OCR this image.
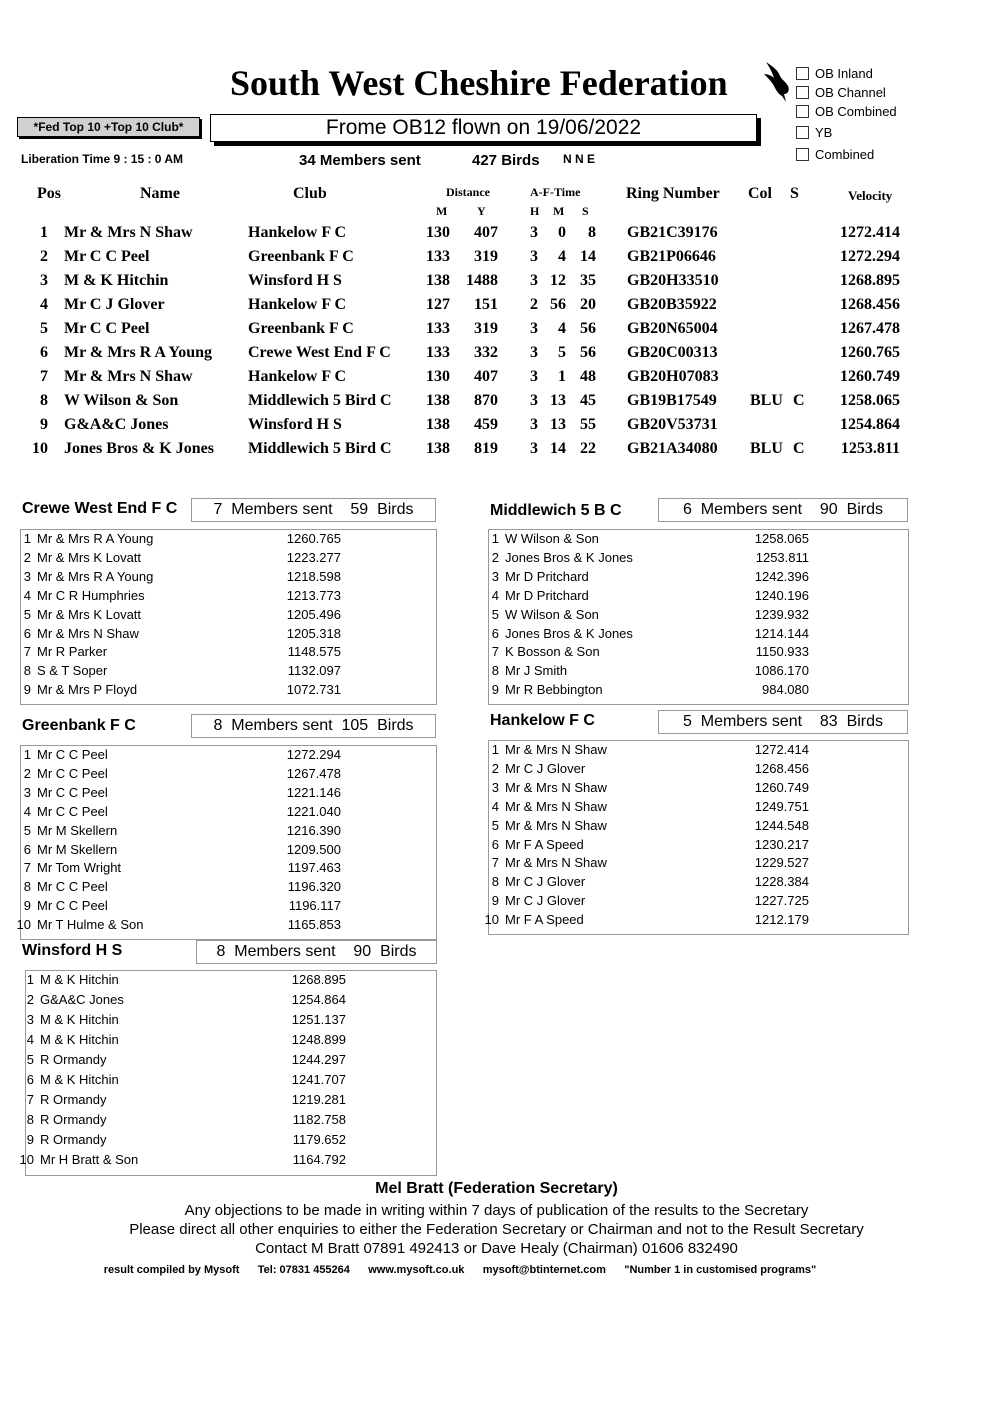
South West Cheshire Federation	OB Inland
OB Channel
OB Combined
YB
Combined
*Fed Top 10 +Top 10 Club*	Frome OB12 flown on 19/06/2022
Liberation Time 9 : 15 : 0 AM	34 Members sent	427 Birds N N E
Pos	Name	Club	Distance
M Y
A-F-Time
H M S
Ring Number Col S	Velocity
1 Mr & Mrs N Shaw	Hankelow F C	130	407	3	0	8 GB21C39176	1272.414
2 Mr C C Peel	Greenbank F C	133	319	3	4 14 GB21P06646	1272.294
3 M & K Hitchin	Winsford H S	138	1488	3 12 35 GB20H33510	1268.895
4 Mr C J Glover	Hankelow F C	127	151	2 56 20 GB20B35922	1268.456
5 Mr C C Peel	Greenbank F C	133	319	3	4 56 GB20N65004	1267.478
6 Mr & Mrs R A Young	Crewe West End F C	133	332	3	5 56 GB20C00313	1260.765
7 Mr & Mrs N Shaw	Hankelow F C	130	407	3	1 48 GB20H07083	1260.749
8 W Wilson & Son	Middlewich 5 Bird C	138	870	3 13 45 GB19B17549	BLU C	1258.065
9 G&A&C Jones	Winsford H S	138	459	3 13 55 GB20V53731	1254.864
10 Jones Bros & K Jones	Middlewich 5 Bird C	138	819	3 14 22 GB21A34080	BLU C	1253.811
Crewe West End F C	7  Members sent    59  Birds
1 Mr & Mrs R A Young	1260.765
2 Mr & Mrs K Lovatt	1223.277
3 Mr & Mrs R A Young	1218.598
4 Mr C R Humphries	1213.773
5 Mr & Mrs K Lovatt	1205.496
6 Mr & Mrs N Shaw	1205.318
7 Mr R Parker	1148.575
8 S & T Soper	1132.097
9 Mr & Mrs P Floyd	1072.731
Greenbank F C	8  Members sent  105  Birds
1 Mr C C Peel	1272.294
2 Mr C C Peel	1267.478
3 Mr C C Peel	1221.146
4 Mr C C Peel	1221.040
5 Mr M Skellern	1216.390
6 Mr M Skellern	1209.500
7 Mr Tom Wright	1197.463
8 Mr C C Peel	1196.320
9 Mr C C Peel	1196.117
10 Mr T Hulme & Son	1165.853
Winsford H S	8  Members sent    90  Birds
1 M & K Hitchin	1268.895
2 G&A&C Jones	1254.864
3 M & K Hitchin	1251.137
4 M & K Hitchin	1248.899
5 R Ormandy	1244.297
6 M & K Hitchin	1241.707
7 R Ormandy	1219.281
8 R Ormandy	1182.758
9 R Ormandy	1179.652
10 Mr H Bratt & Son	1164.792
Middlewich 5 B C	6  Members sent    90  Birds
1 W Wilson & Son	1258.065
2 Jones Bros & K Jones	1253.811
3 Mr D Pritchard	1242.396
4 Mr D Pritchard	1240.196
5 W Wilson & Son	1239.932
6 Jones Bros & K Jones	1214.144
7 K Bosson & Son	1150.933
8 Mr J Smith	1086.170
9 Mr R Bebbington	984.080
Hankelow F C	5  Members sent    83  Birds
1 Mr & Mrs N Shaw	1272.414
2 Mr C J Glover	1268.456
3 Mr & Mrs N Shaw	1260.749
4 Mr & Mrs N Shaw	1249.751
5 Mr & Mrs N Shaw	1244.548
6 Mr F A Speed	1230.217
7 Mr & Mrs N Shaw	1229.527
8 Mr C J Glover	1228.384
9 Mr C J Glover	1227.725
10 Mr F A Speed	1212.179
Mel Bratt (Federation Secretary)
Any objections to be made in writing within 7 days of publication of the results to the Secretary
Please direct all other enquiries to either the Federation Secretary or Chairman and not to the Result Secretary
Contact M Bratt 07891 492413 or Dave Healy (Chairman) 01606 832490
result compiled by Mysoft      Tel: 07831 455264      www.mysoft.co.uk      mysoft@btinternet.com      "Number 1 in customised programs"
